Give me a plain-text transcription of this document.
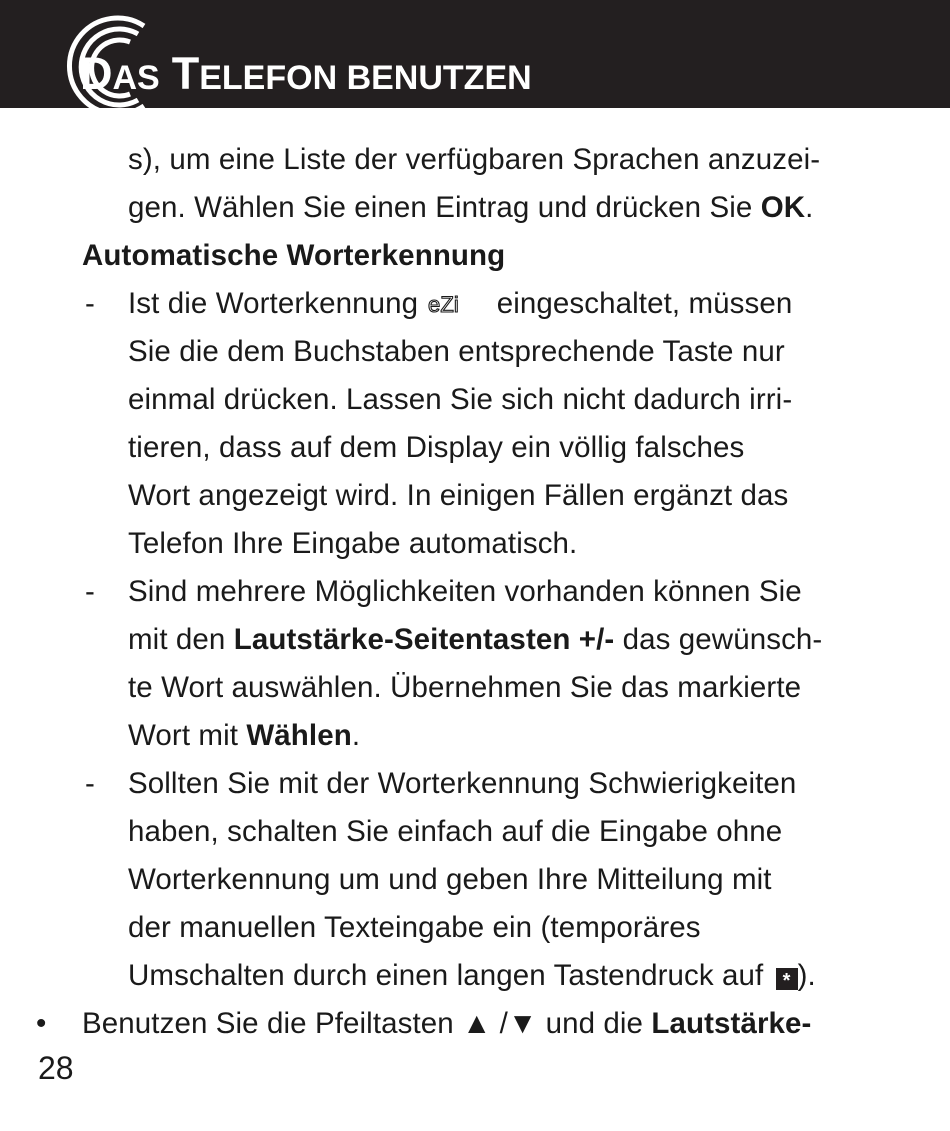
D AS T ELEFON BENUTZEN
s), um eine Liste der verfügbaren Sprachen anzuzei-
gen. Wählen Sie einen Eintrag und drücken Sie OK.
Automatische Worterkennung
- Ist die Worterkennung eZi eingeschaltet, müssen
Sie die dem Buchstaben entsprechende Taste nur
einmal drücken. Lassen Sie sich nicht dadurch irri-
tieren, dass auf dem Display ein völlig falsches
Wort angezeigt wird. In einigen Fällen ergänzt das
Telefon Ihre Eingabe automatisch.
- Sind mehrere Möglichkeiten vorhanden können Sie
mit den Lautstärke-Seitentasten +/- das gewünsch-
te Wort auswählen. Übernehmen Sie das markierte
Wort mit Wählen.
- Sollten Sie mit der Worterkennung Schwierigkeiten
haben, schalten Sie einfach auf die Eingabe ohne
Worterkennung um und geben Ihre Mitteilung mit
der manuellen Texteingabe ein (temporäres
Umschalten durch einen langen Tastendruck auf * ).
• Benutzen Sie die Pfeiltasten ▲ /▼ und die Lautstärke-
28
